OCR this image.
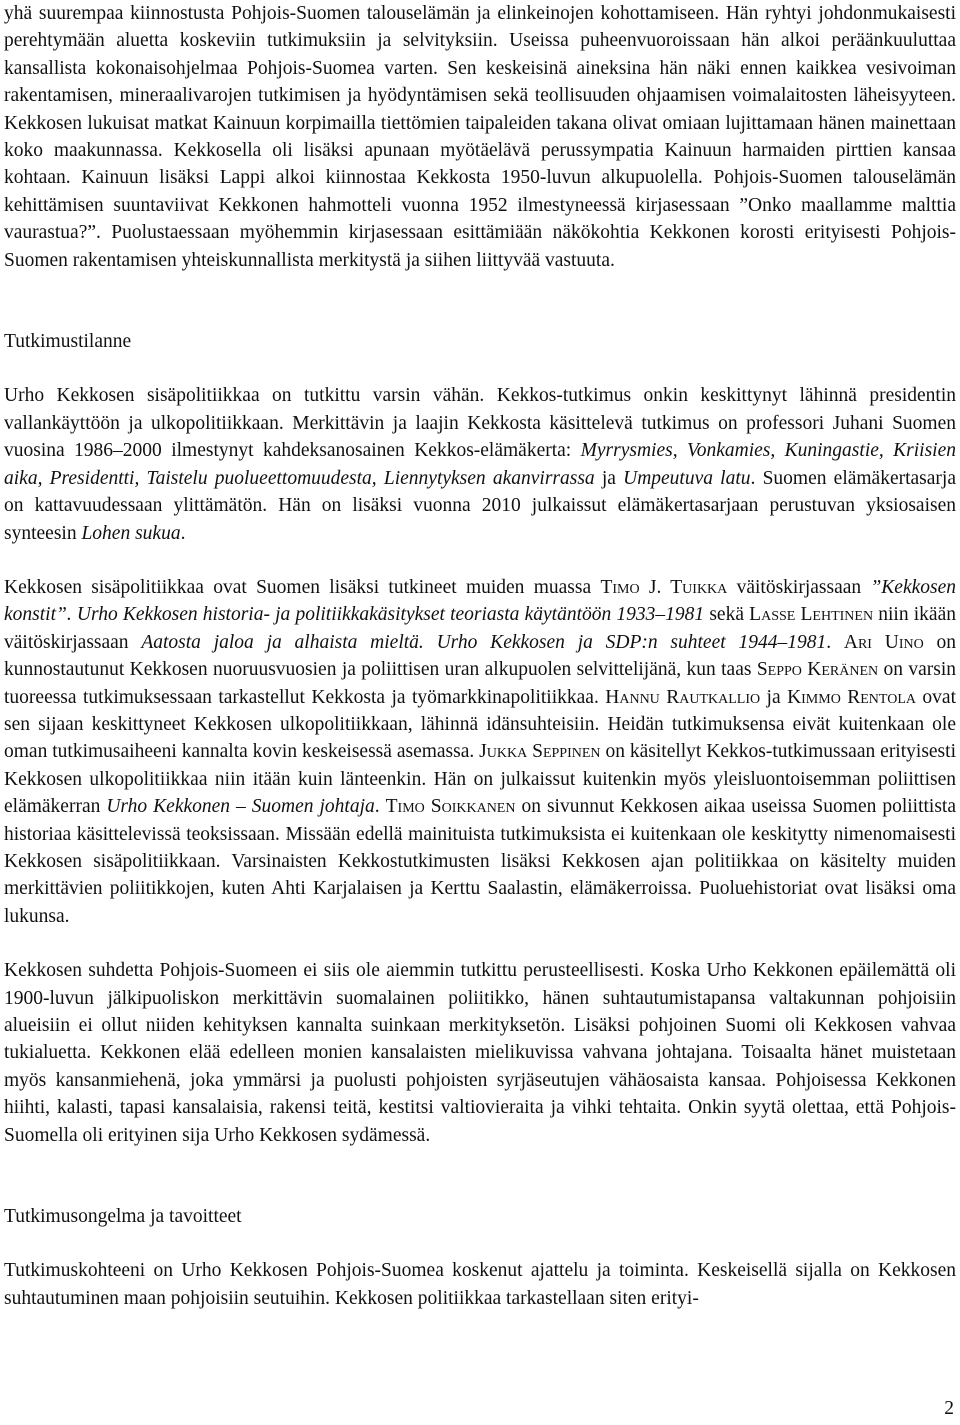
yhä suurempaa kiinnostusta Pohjois-Suomen talouselämän ja elinkeinojen kohottamiseen. Hän ryhtyi johdonmukaisesti perehtymään aluetta koskeviin tutkimuksiin ja selvityksiin. Useissa puheenvuoroissaan hän alkoi peräänkuuluttaa kansallista kokonaisohjelmaa Pohjois-Suomea varten. Sen keskeisinä aineksina hän näki ennen kaikkea vesivoiman rakentamisen, mineraalivarojen tutkimisen ja hyödyntämisen sekä teollisuuden ohjaamisen voimalaitosten läheisyyteen. Kekkosen lukuisat matkat Kainuun korpimailla tiettömien taipaleiden takana olivat omiaan lujittamaan hänen mainettaan koko maakunnassa. Kekkosella oli lisäksi apunaan myötäelävä perussympatia Kainuun harmaiden pirttien kansaa kohtaan. Kainuun lisäksi Lappi alkoi kiinnostaa Kekkosta 1950-luvun alkupuolella. Pohjois-Suomen talouselämän kehittämisen suuntaviivat Kekkonen hahmotteli vuonna 1952 ilmestyneessä kirjasessaan ”Onko maallamme malttia vaurastua?”. Puolustaessaan myöhemmin kirjasessaan esittämiään näkökohtia Kekkonen korosti erityisesti Pohjois-Suomen rakentamisen yhteiskunnallista merkitystä ja siihen liittyvää vastuuta.

Tutkimustilanne

Urho Kekkosen sisäpolitiikkaa on tutkittu varsin vähän. Kekkos-tutkimus onkin keskittynyt lähinnä presidentin vallankäyttöön ja ulkopolitiikkaan. Merkittävin ja laajin Kekkosta käsittelevä tutkimus on professori Juhani Suomen vuosina 1986–2000 ilmestynyt kahdeksanosainen Kekkos-elämäkerta: Myrrysmies, Vonkamies, Kuningastie, Kriisien aika, Presidentti, Taistelu puolueettomuudesta, Liennytyksen akanvirrassa ja Umpeutuva latu. Suomen elämäkertasarja on kattavuudessaan ylittämätön. Hän on lisäksi vuonna 2010 julkaissut elämäkertasarjaan perustuvan yksiosaisen synteesin Lohen sukua.

Kekkosen sisäpolitiikkaa ovat Suomen lisäksi tutkineet muiden muassa Timo J. Tuikka väitöskirjassaan ”Kekkosen konstit”. Urho Kekkosen historia- ja politiikkakäsitykset teoriasta käytäntöön 1933–1981 sekä Lasse Lehtinen niin ikään väitöskirjassaan Aatosta jaloa ja alhaista mieltä. Urho Kekkosen ja SDP:n suhteet 1944–1981. Ari Uino on kunnostautunut Kekkosen nuoruusvuosien ja poliittisen uran alkupuolen selvittelijänä, kun taas Seppo Keränen on varsin tuoreessa tutkimuksessaan tarkastellut Kekkosta ja työmarkkinapolitiikkaa. Hannu Rautkallio ja Kimmo Rentola ovat sen sijaan keskittyneet Kekkosen ulkopolitiikkaan, lähinnä idänsuhteisiin. Heidän tutkimuksensa eivät kuitenkaan ole oman tutkimusaiheeni kannalta kovin keskeisessä asemassa. Jukka Seppinen on käsitellyt Kekkos-tutkimussaan erityisesti Kekkosen ulkopolitiikkaa niin itään kuin länteenkin. Hän on julkaissut kuitenkin myös yleisluontoisemman poliittisen elämäkerran Urho Kekkonen – Suomen johtaja. Timo Soikkanen on sivunnut Kekkosen aikaa useissa Suomen poliittista historiaa käsittelevissä teoksissaan. Missään edellä mainituista tutkimuksista ei kuitenkaan ole keskitytty nimenomaisesti Kekkosen sisäpolitiikkaan. Varsinaisten Kekkostutkimusten lisäksi Kekkosen ajan politiikkaa on käsitelty muiden merkittävien poliitikkojen, kuten Ahti Karjalaisen ja Kerttu Saalastin, elämäkerroissa. Puoluehistoriat ovat lisäksi oma lukunsa.

Kekkosen suhdetta Pohjois-Suomeen ei siis ole aiemmin tutkittu perusteellisesti. Koska Urho Kekkonen epäilemättä oli 1900-luvun jälkipuoliskon merkittävin suomalainen poliitikko, hänen suhtautumistapansa valtakunnan pohjoisiin alueisiin ei ollut niiden kehityksen kannalta suinkaan merkityksetön. Lisäksi pohjoinen Suomi oli Kekkosen vahvaa tukialuetta. Kekkonen elää edelleen monien kansalaisten mielikuvissa vahvana johtajana. Toisaalta hänet muistetaan myös kansanmiehenä, joka ymmärsi ja puolusti pohjoisten syrjäseutujen vähäosaista kansaa. Pohjoisessa Kekkonen hiihti, kalasti, tapasi kansalaisia, rakensi teitä, kestitsi valtiovieraita ja vihki tehtaita. Onkin syytä olettaa, että Pohjois-Suomella oli erityinen sija Urho Kekkosen sydämessä.

Tutkimusongelma ja tavoitteet

Tutkimuskohteeni on Urho Kekkosen Pohjois-Suomea koskenut ajattelu ja toiminta. Keskeisellä sijalla on Kekkosen suhtautuminen maan pohjoisiin seutuihin. Kekkosen politiikkaa tarkastellaan siten erityi-

2
